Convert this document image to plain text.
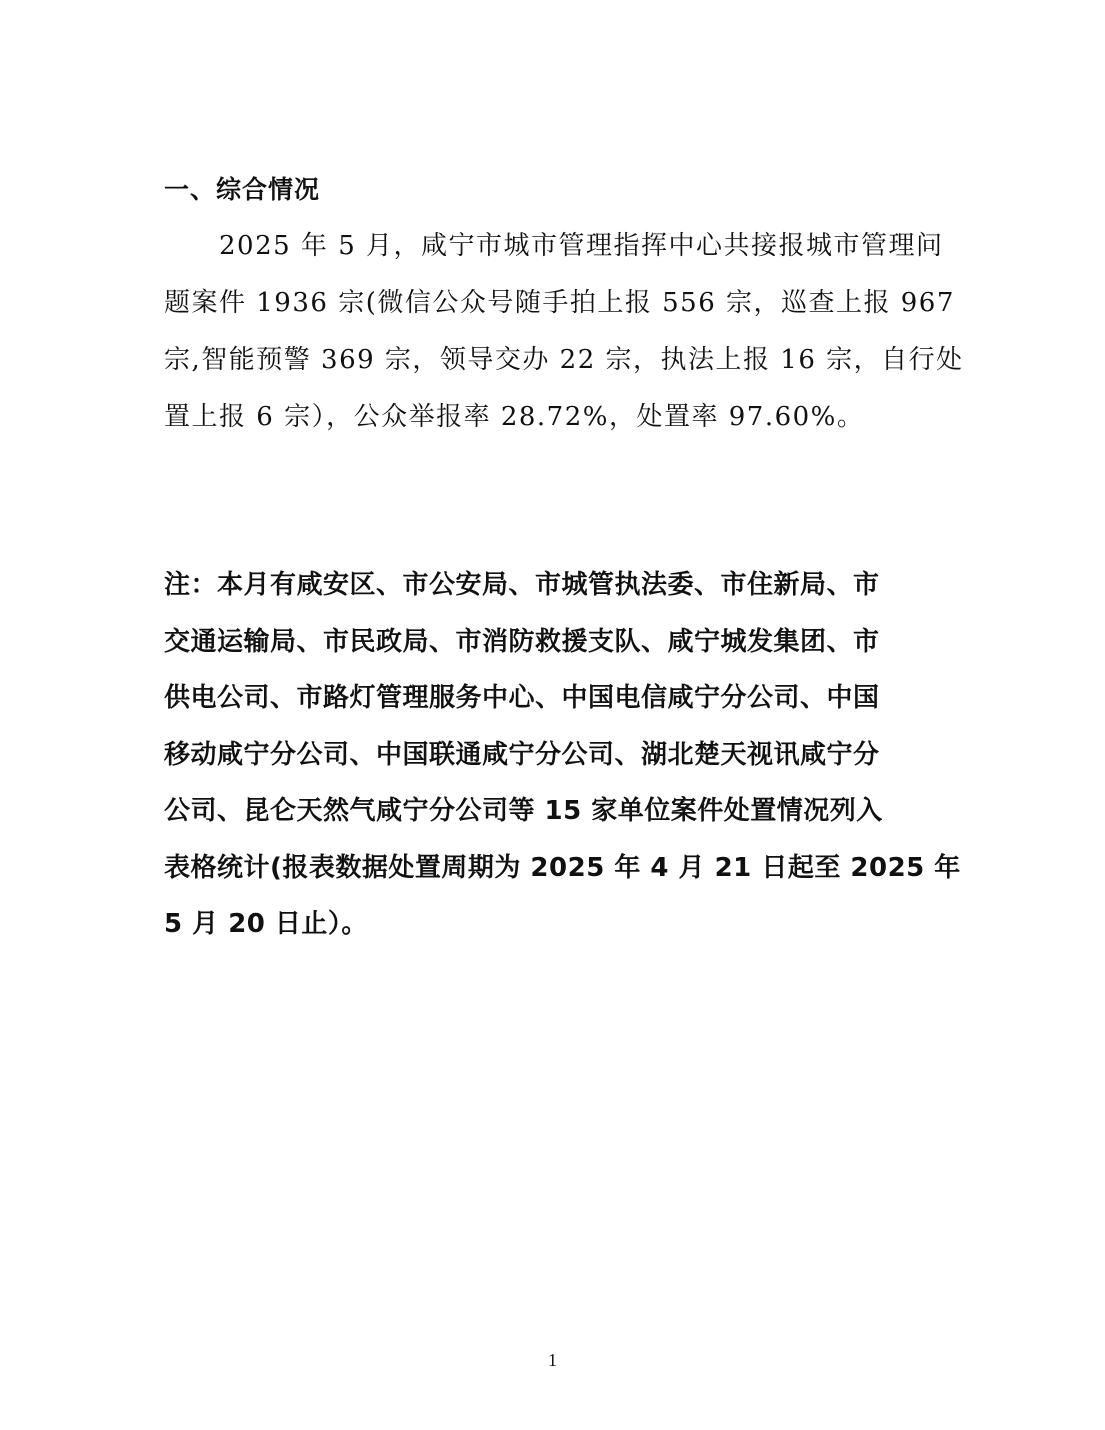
一、综合情况
　　2025 年 5 月，咸宁市城市管理指挥中心共接报城市管理问
题案件 1936 宗(微信公众号随手拍上报 556 宗，巡查上报 967
宗,智能预警 369 宗，领导交办 22 宗，执法上报 16 宗，自行处
置上报 6 宗），公众举报率 28.72%，处置率 97.60%。
注：本月有咸安区、市公安局、市城管执法委、市住新局、市
交通运输局、市民政局、市消防救援支队、咸宁城发集团、市
供电公司、市路灯管理服务中心、中国电信咸宁分公司、中国
移动咸宁分公司、中国联通咸宁分公司、湖北楚天视讯咸宁分
公司、昆仑天然气咸宁分公司等 15 家单位案件处置情况列入
表格统计(报表数据处置周期为 2025 年 4 月 21 日起至 2025 年
5 月 20 日止）。
1
